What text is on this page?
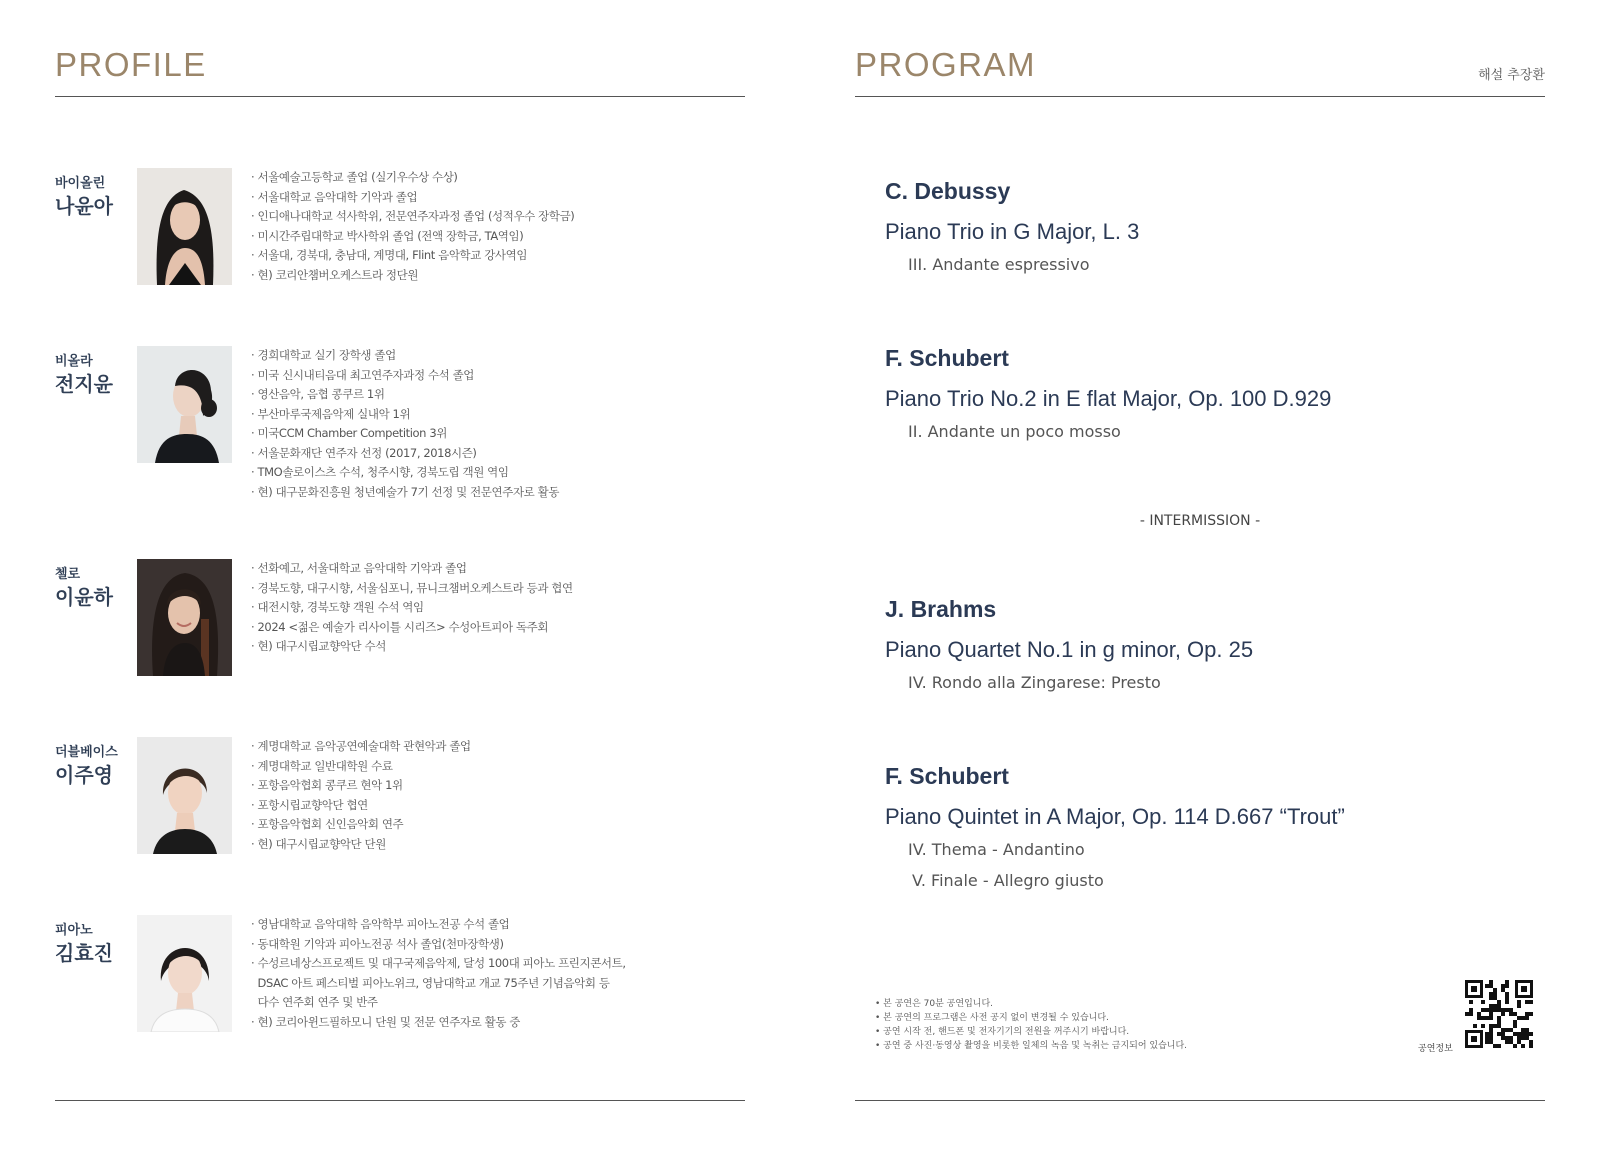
PROFILE
바이올린
나윤아
· 서울예술고등학교 졸업 (실기우수상 수상)
· 서울대학교 음악대학 기악과 졸업
· 인디애나대학교 석사학위, 전문연주자과정 졸업 (성적우수 장학금)
· 미시간주립대학교 박사학위 졸업 (전액 장학금, TA역임)
· 서울대, 경북대, 충남대, 계명대, Flint 음악학교 강사역임
· 현) 코리안챔버오케스트라 정단원
비올라
전지윤
· 경희대학교 실기 장학생 졸업
· 미국 신시내티음대 최고연주자과정 수석 졸업
· 영산음악, 음협 콩쿠르 1위
· 부산마루국제음악제 실내악 1위
· 미국CCM Chamber Competition 3위
· 서울문화재단 연주자 선정 (2017, 2018시즌)
· TMO솔로이스츠 수석, 청주시향, 경북도립 객원 역임
· 현) 대구문화진흥원 청년예술가 7기 선정 및 전문연주자로 활동
첼로
이윤하
· 선화예고, 서울대학교 음악대학 기악과 졸업
· 경북도향, 대구시향, 서울심포니, 뮤니크챔버오케스트라 등과 협연
· 대전시향, 경북도향 객원 수석 역임
· 2024 <젊은 예술가 리사이틀 시리즈> 수성아트피아 독주회
· 현) 대구시립교향악단 수석
더블베이스
이주영
· 계명대학교 음악공연예술대학 관현악과 졸업
· 계명대학교 일반대학원 수료
· 포항음악협회 콩쿠르 현악 1위
· 포항시립교향악단 협연
· 포항음악협회 신인음악회 연주
· 현) 대구시립교향악단 단원
피아노
김효진
· 영남대학교 음악대학 음악학부 피아노전공 수석 졸업
· 동대학원 기악과 피아노전공 석사 졸업(천마장학생)
· 수성르네상스프로젝트 및 대구국제음악제, 달성 100대 피아노 프린지콘서트,
DSAC 아트 페스티벌 피아노위크, 영남대학교 개교 75주년 기념음악회 등
다수 연주회 연주 및 반주
· 현) 코리아윈드필하모니 단원 및 전문 연주자로 활동 중
PROGRAM	해설 추장환
C. Debussy
Piano Trio in G Major, L. 3
III. Andante espressivo
F. Schubert
Piano Trio No.2 in E flat Major, Op. 100 D.929
II. Andante un poco mosso
- INTERMISSION -
J. Brahms
Piano Quartet No.1 in g minor, Op. 25
IV. Rondo alla Zingarese: Presto
F. Schubert
Piano Quintet in A Major, Op. 114 D.667 “Trout”
IV. Thema - Andantino
V. Finale - Allegro giusto
• 본 공연은 70분 공연입니다.
• 본 공연의 프로그램은 사전 공지 없이 변경될 수 있습니다.
• 공연 시작 전, 핸드폰 및 전자기기의 전원을 꺼주시기 바랍니다.
• 공연 중 사진·동영상 촬영을 비롯한 일체의 녹음 및 녹취는 금지되어 있습니다.	공연정보
